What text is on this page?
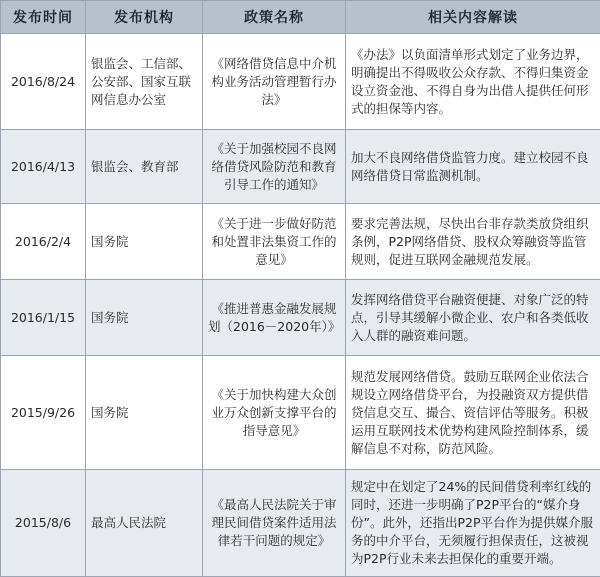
发布时间	发布机构	政策名称	相关内容解读
2016/8/24	银监会、工信部、公安部、国家互联网信息办公室	《网络借贷信息中介机构业务活动管理暂行办法》	《办法》以负面清单形式划定了业务边界，明确提出不得吸收公众存款、不得归集资金设立资金池、不得自身为出借人提供任何形式的担保等内容。
2016/4/13	银监会、教育部	《关于加强校园不良网络借贷风险防范和教育引导工作的通知》	加大不良网络借贷监管力度。建立校园不良网络借贷日常监测机制。
2016/2/4	国务院	《关于进一步做好防范和处置非法集资工作的意见》	要求完善法规，尽快出台非存款类放贷组织条例，P2P网络借贷、股权众筹融资等监管规则，促进互联网金融规范发展。
2016/1/15	国务院	《推进普惠金融发展规划（2016－2020年）》	发挥网络借贷平台融资便捷、对象广泛的特点，引导其缓解小微企业、农户和各类低收入人群的融资难问题。
2015/9/26	国务院	《关于加快构建大众创业万众创新支撑平台的指导意见》	规范发展网络借贷。鼓励互联网企业依法合规设立网络借贷平台，为投融资双方提供借贷信息交互、撮合、资信评估等服务。积极运用互联网技术优势构建风险控制体系，缓解信息不对称，防范风险。
2015/8/6	最高人民法院	《最高人民法院关于审理民间借贷案件适用法律若干问题的规定》	规定中在划定了24%的民间借贷利率红线的同时，还进一步明确了P2P平台的“媒介身份”。此外，还指出P2P平台作为提供媒介服务的中介平台，无须履行担保责任，这被视为P2P行业未来去担保化的重要开端。
